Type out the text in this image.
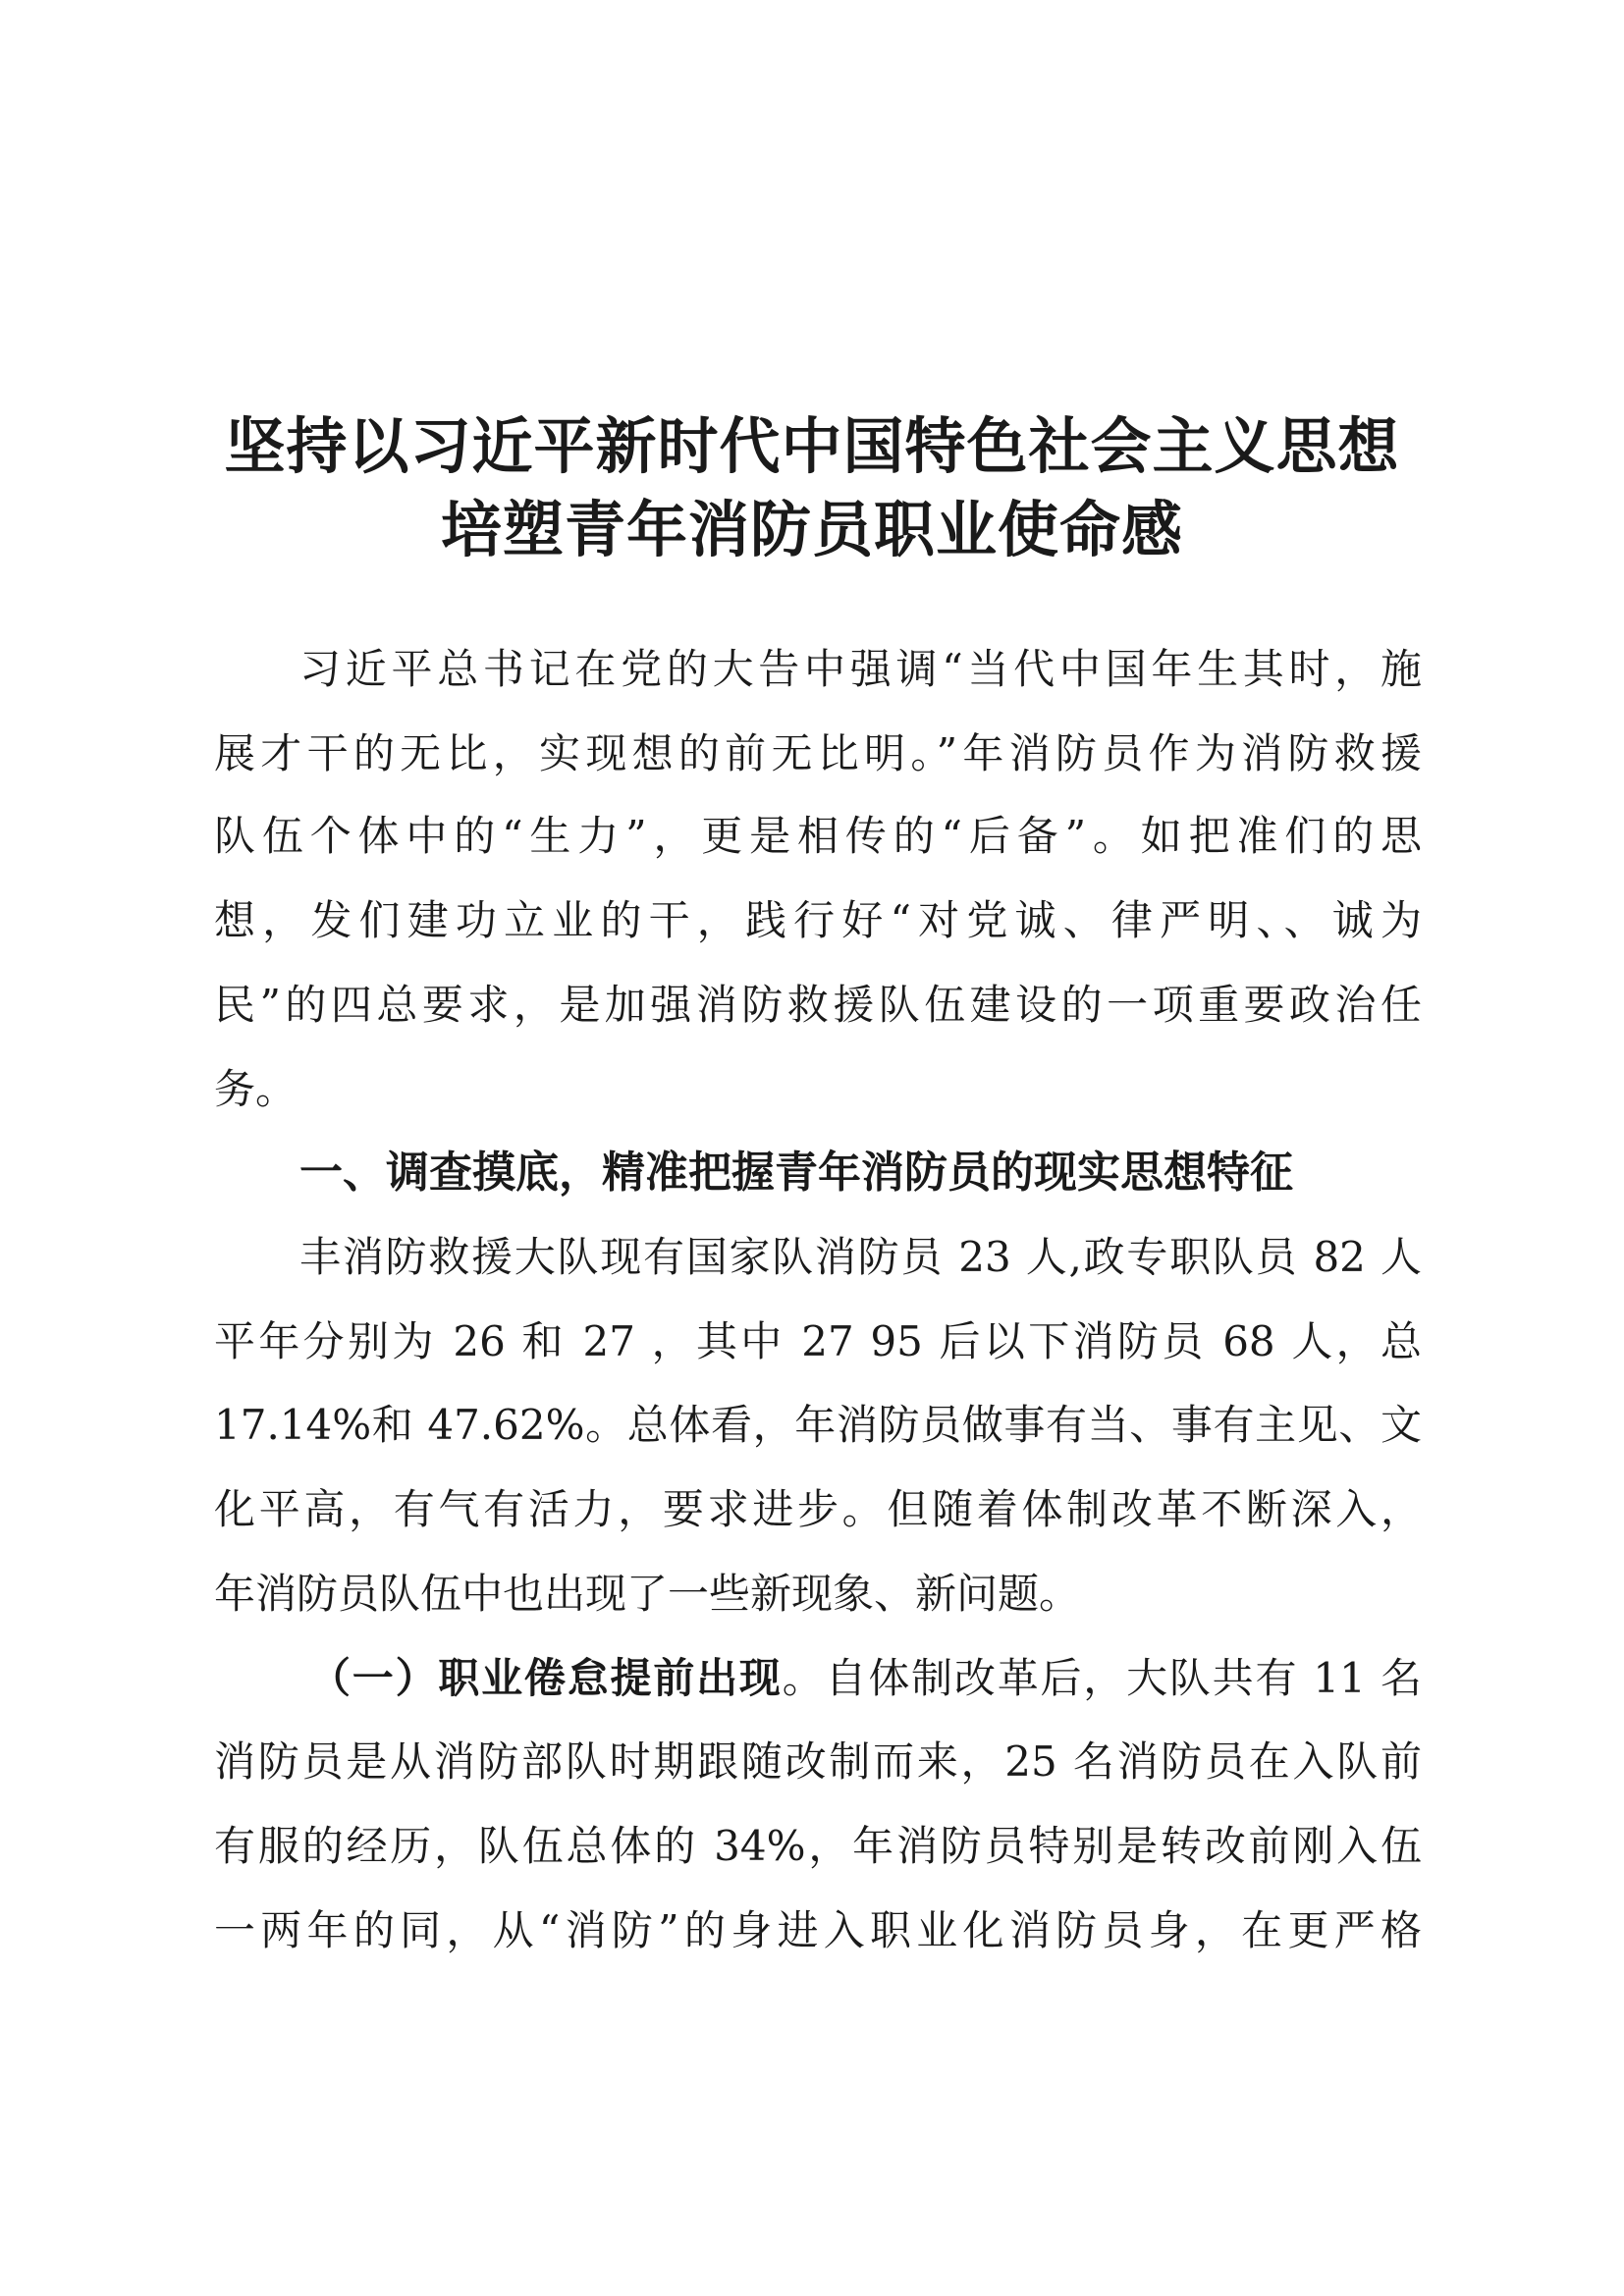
坚持以习近平新时代中国特色社会主义思想
培塑青年消防员职业使命感

习近平总书记在党的大告中强调“当代中国年生其时，施

展才干的无比，实现想的前无比明。”年消防员作为消防救援

队伍个体中的“生力”，更是相传的“后备”。如把准们的思

想，发们建功立业的干，践行好“对党诚、律严明、、诚为

民”的四总要求，是加强消防救援队伍建设的一项重要政治任

务。

一、调查摸底，精准把握青年消防员的现实思想特征

丰消防救援大队现有国家队消防员 23 人,政专职队员 82 人

平年分别为 26 和 27 ，其中 27 95 后以下消防员 68 人，总

17.14%和 47.62%。总体看，年消防员做事有当、事有主见、文

化平高，有气有活力，要求进步。但随着体制改革不断深入，

年消防员队伍中也出现了一些新现象、新问题。

（一）职业倦怠提前出现。自体制改革后，大队共有 11 名

消防员是从消防部队时期跟随改制而来，25 名消防员在入队前

有服的经历，队伍总体的 34%，年消防员特别是转改前刚入伍

一两年的同，从“消防”的身进入职业化消防员身，在更严格
